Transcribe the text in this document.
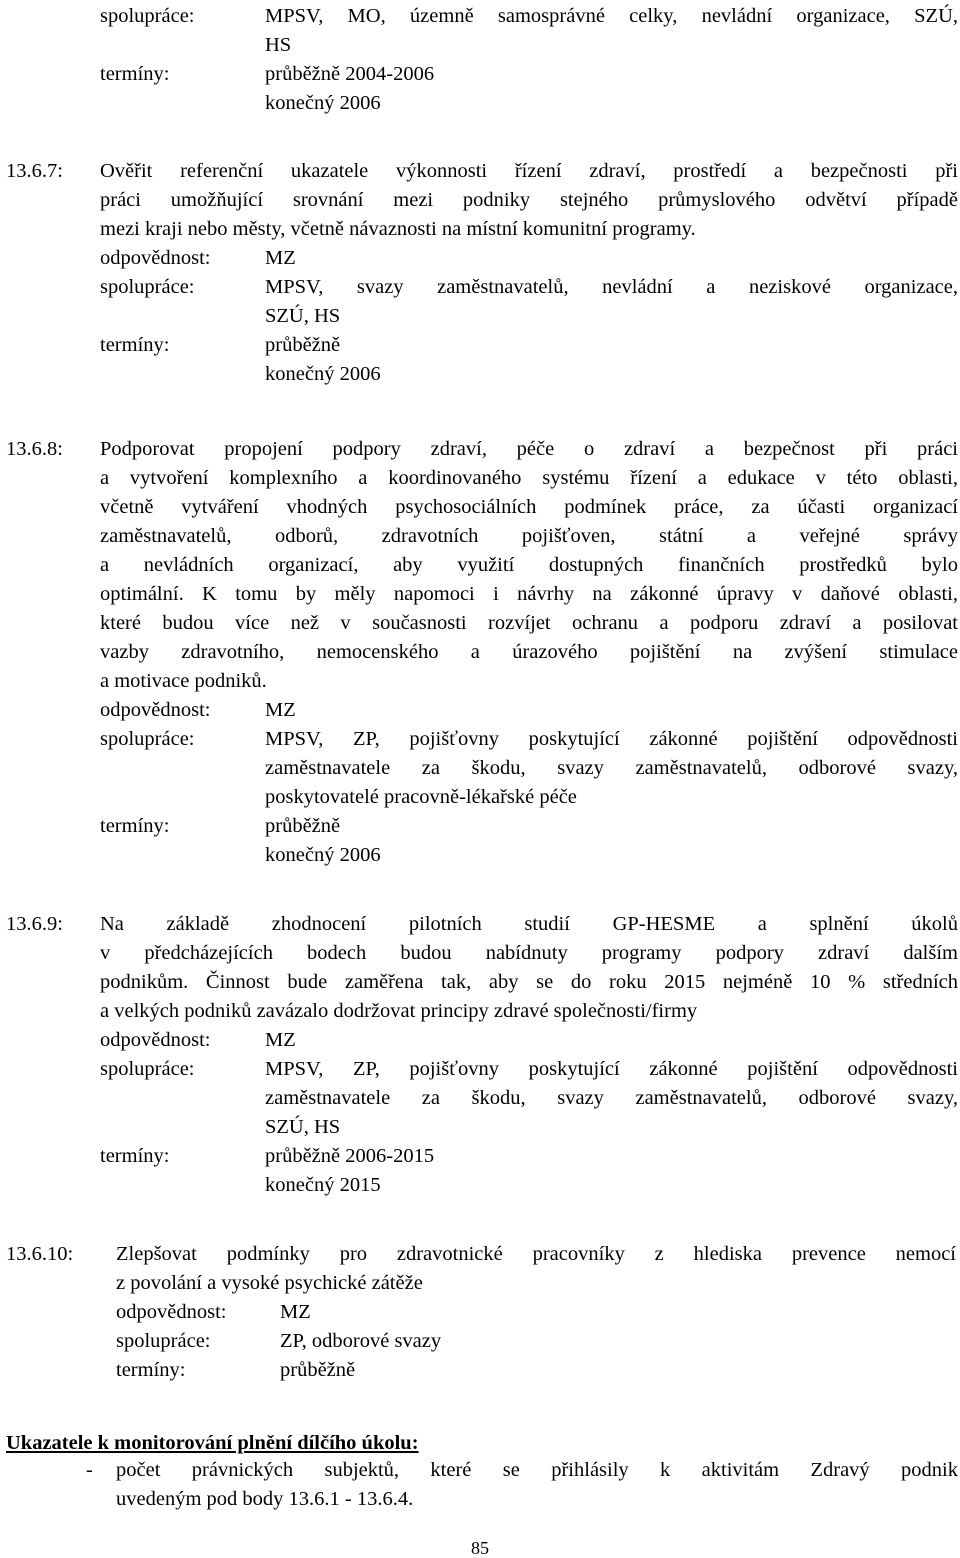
spolupráce:	MPSV, MO, územně samosprávné celky, nevládní organizace, SZÚ,
HS
termíny:	průběžně 2004-2006
konečný 2006
13.6.7:	Ověřit referenční ukazatele výkonnosti řízení zdraví, prostředí a bezpečnosti při
práci umožňující srovnání mezi podniky stejného průmyslového odvětví případě
mezi kraji nebo městy, včetně návaznosti na místní komunitní programy.
odpovědnost:	MZ
spolupráce:	MPSV, svazy zaměstnavatelů, nevládní a neziskové organizace,
SZÚ, HS
termíny:	průběžně
konečný 2006
13.6.8:	Podporovat propojení podpory zdraví, péče o zdraví a bezpečnost při práci
a vytvoření komplexního a koordinovaného systému řízení a edukace v této oblasti,
včetně vytváření vhodných psychosociálních podmínek práce, za účasti organizací
zaměstnavatelů, odborů, zdravotních pojišťoven, státní a veřejné správy
a nevládních organizací, aby využití dostupných finančních prostředků bylo
optimální. K tomu by měly napomoci i návrhy na zákonné úpravy v daňové oblasti,
které budou více než v současnosti rozvíjet ochranu a podporu zdraví a posilovat
vazby zdravotního, nemocenského a úrazového pojištění na zvýšení stimulace
a motivace podniků.
odpovědnost:	MZ
spolupráce:	MPSV, ZP, pojišťovny poskytující zákonné pojištění odpovědnosti
zaměstnavatele za škodu, svazy zaměstnavatelů, odborové svazy,
poskytovatelé pracovně-lékařské péče
termíny:	průběžně
konečný 2006
13.6.9:	Na základě zhodnocení pilotních studií GP-HESME a splnění úkolů
v předcházejících bodech budou nabídnuty programy podpory zdraví dalším
podnikům. Činnost bude zaměřena tak, aby se do roku 2015 nejméně 10 % středních
a velkých podniků zavázalo dodržovat principy zdravé společnosti/firmy
odpovědnost:	MZ
spolupráce:	MPSV, ZP, pojišťovny poskytující zákonné pojištění odpovědnosti
zaměstnavatele za škodu, svazy zaměstnavatelů, odborové svazy,
SZÚ, HS
termíny:	průběžně 2006-2015
konečný 2015
13.6.10:	Zlepšovat podmínky pro zdravotnické pracovníky z hlediska prevence nemocí
z povolání a vysoké psychické zátěže
odpovědnost:	MZ
spolupráce:	ZP, odborové svazy
termíny:	průběžně
Ukazatele k monitorování plnění dílčího úkolu:
-	počet právnických subjektů, které se přihlásily k aktivitám Zdravý podnik
uvedeným pod body 13.6.1 - 13.6.4.
85
